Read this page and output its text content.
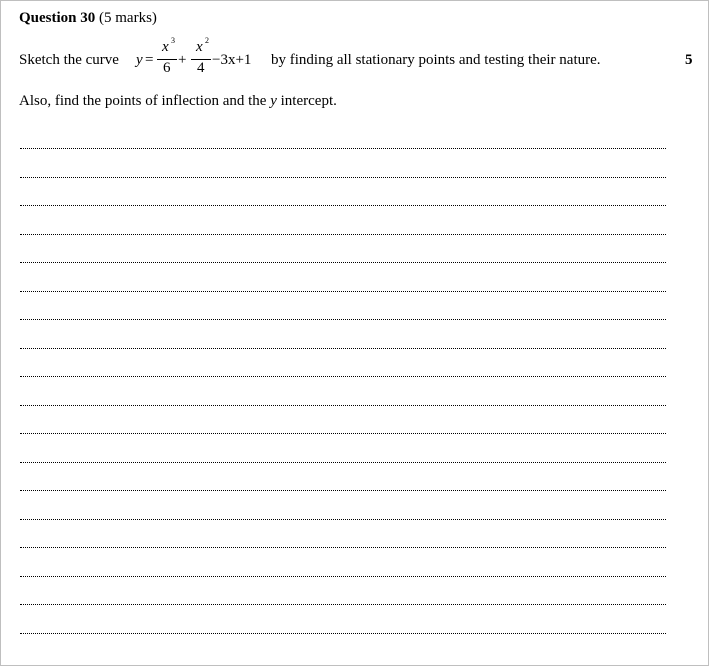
Question 30 (5 marks)
Sketch the curve y =
x 3
6 +
x 2
4 −3x+1 by finding all stationary points and testing their nature.	5
Also, find the points of inflection and the y intercept.
